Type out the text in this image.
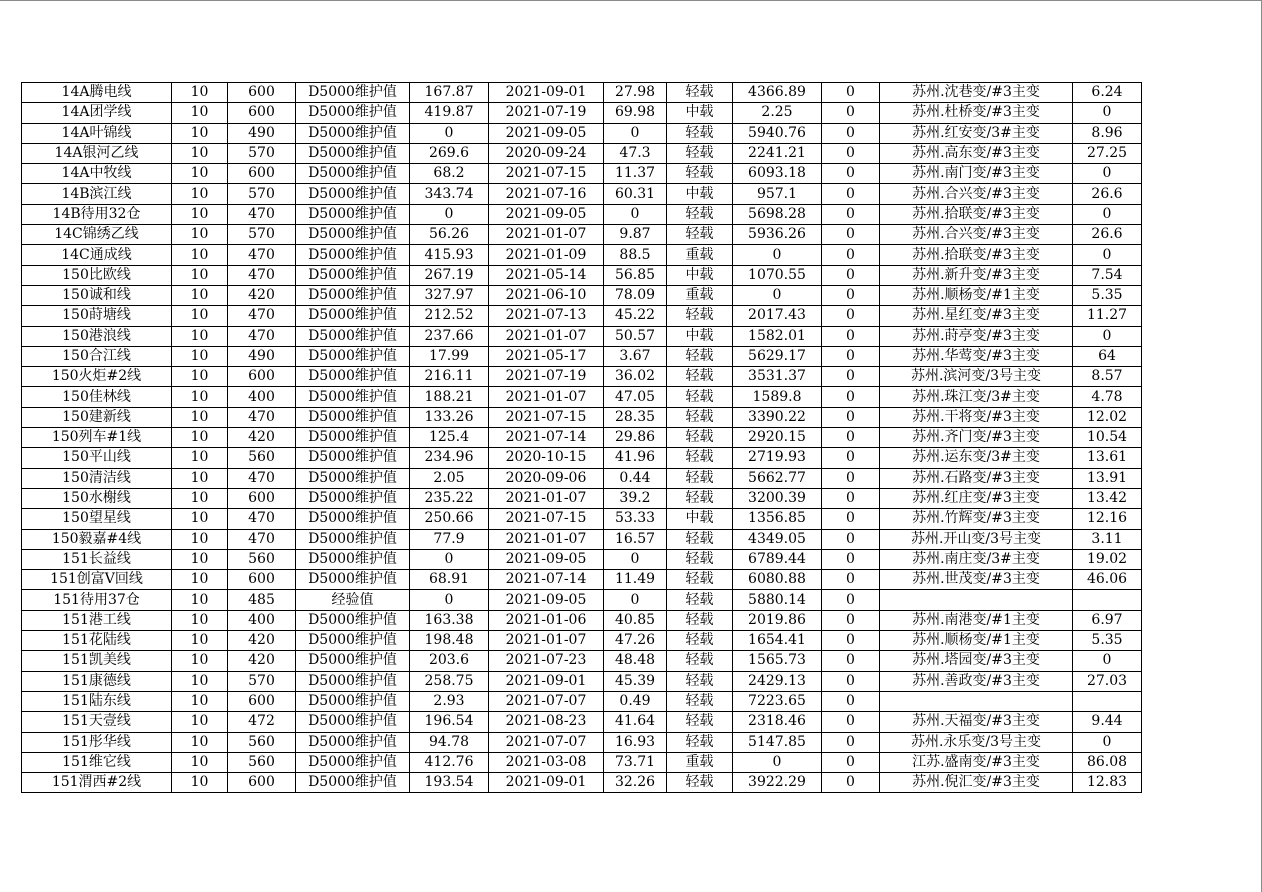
14A腾电线	10	600	D5000维护值	167.87	2021-09-01	27.98	轻载	4366.89	0	苏州.沈巷变/#3主变	6.24
14A团学线	10	600	D5000维护值	419.87	2021-07-19	69.98	中载	2.25	0	苏州.杜桥变/#3主变	0
14A叶锦线	10	490	D5000维护值	0	2021-09-05	0	轻载	5940.76	0	苏州.红安变/3#主变	8.96
14A银河乙线	10	570	D5000维护值	269.6	2020-09-24	47.3	轻载	2241.21	0	苏州.高东变/#3主变	27.25
14A中牧线	10	600	D5000维护值	68.2	2021-07-15	11.37	轻载	6093.18	0	苏州.南门变/#3主变	0
14B滨江线	10	570	D5000维护值	343.74	2021-07-16	60.31	中载	957.1	0	苏州.合兴变/#3主变	26.6
14B待用32仓	10	470	D5000维护值	0	2021-09-05	0	轻载	5698.28	0	苏州.拾联变/#3主变	0
14C锦绣乙线	10	570	D5000维护值	56.26	2021-01-07	9.87	轻载	5936.26	0	苏州.合兴变/#3主变	26.6
14C通成线	10	470	D5000维护值	415.93	2021-01-09	88.5	重载	0	0	苏州.拾联变/#3主变	0
150比欧线	10	470	D5000维护值	267.19	2021-05-14	56.85	中载	1070.55	0	苏州.新升变/#3主变	7.54
150诚和线	10	420	D5000维护值	327.97	2021-06-10	78.09	重载	0	0	苏州.顺杨变/#1主变	5.35
150莳塘线	10	470	D5000维护值	212.52	2021-07-13	45.22	轻载	2017.43	0	苏州.星红变/#3主变	11.27
150港浪线	10	470	D5000维护值	237.66	2021-01-07	50.57	中载	1582.01	0	苏州.莳亭变/#3主变	0
150合江线	10	490	D5000维护值	17.99	2021-05-17	3.67	轻载	5629.17	0	苏州.华莺变/#3主变	64
150火炬#2线	10	600	D5000维护值	216.11	2021-07-19	36.02	轻载	3531.37	0	苏州.滨河变/3号主变	8.57
150佳林线	10	400	D5000维护值	188.21	2021-01-07	47.05	轻载	1589.8	0	苏州.珠江变/3#主变	4.78
150建新线	10	470	D5000维护值	133.26	2021-07-15	28.35	轻载	3390.22	0	苏州.干将变/#3主变	12.02
150列车#1线	10	420	D5000维护值	125.4	2021-07-14	29.86	轻载	2920.15	0	苏州.齐门变/#3主变	10.54
150平山线	10	560	D5000维护值	234.96	2020-10-15	41.96	轻载	2719.93	0	苏州.运东变/3#主变	13.61
150清洁线	10	470	D5000维护值	2.05	2020-09-06	0.44	轻载	5662.77	0	苏州.石路变/#3主变	13.91
150水榭线	10	600	D5000维护值	235.22	2021-01-07	39.2	轻载	3200.39	0	苏州.红庄变/#3主变	13.42
150望星线	10	470	D5000维护值	250.66	2021-07-15	53.33	中载	1356.85	0	苏州.竹辉变/#3主变	12.16
150毅嘉#4线	10	470	D5000维护值	77.9	2021-01-07	16.57	轻载	4349.05	0	苏州.开山变/3号主变	3.11
151长益线	10	560	D5000维护值	0	2021-09-05	0	轻载	6789.44	0	苏州.南庄变/3#主变	19.02
151创富Ⅴ回线	10	600	D5000维护值	68.91	2021-07-14	11.49	轻载	6080.88	0	苏州.世茂变/#3主变	46.06
151待用37仓	10	485	经验值	0	2021-09-05	0	轻载	5880.14	0		
151港工线	10	400	D5000维护值	163.38	2021-01-06	40.85	轻载	2019.86	0	苏州.南港变/#1主变	6.97
151花陆线	10	420	D5000维护值	198.48	2021-01-07	47.26	轻载	1654.41	0	苏州.顺杨变/#1主变	5.35
151凯美线	10	420	D5000维护值	203.6	2021-07-23	48.48	轻载	1565.73	0	苏州.塔园变/#3主变	0
151康德线	10	570	D5000维护值	258.75	2021-09-01	45.39	轻载	2429.13	0	苏州.善政变/#3主变	27.03
151陆东线	10	600	D5000维护值	2.93	2021-07-07	0.49	轻载	7223.65	0		
151天壹线	10	472	D5000维护值	196.54	2021-08-23	41.64	轻载	2318.46	0	苏州.天福变/#3主变	9.44
151彤华线	10	560	D5000维护值	94.78	2021-07-07	16.93	轻载	5147.85	0	苏州.永乐变/3号主变	0
151维它线	10	560	D5000维护值	412.76	2021-03-08	73.71	重载	0	0	江苏.盛南变/#3主变	86.08
151渭西#2线	10	600	D5000维护值	193.54	2021-09-01	32.26	轻载	3922.29	0	苏州.倪汇变/#3主变	12.83
